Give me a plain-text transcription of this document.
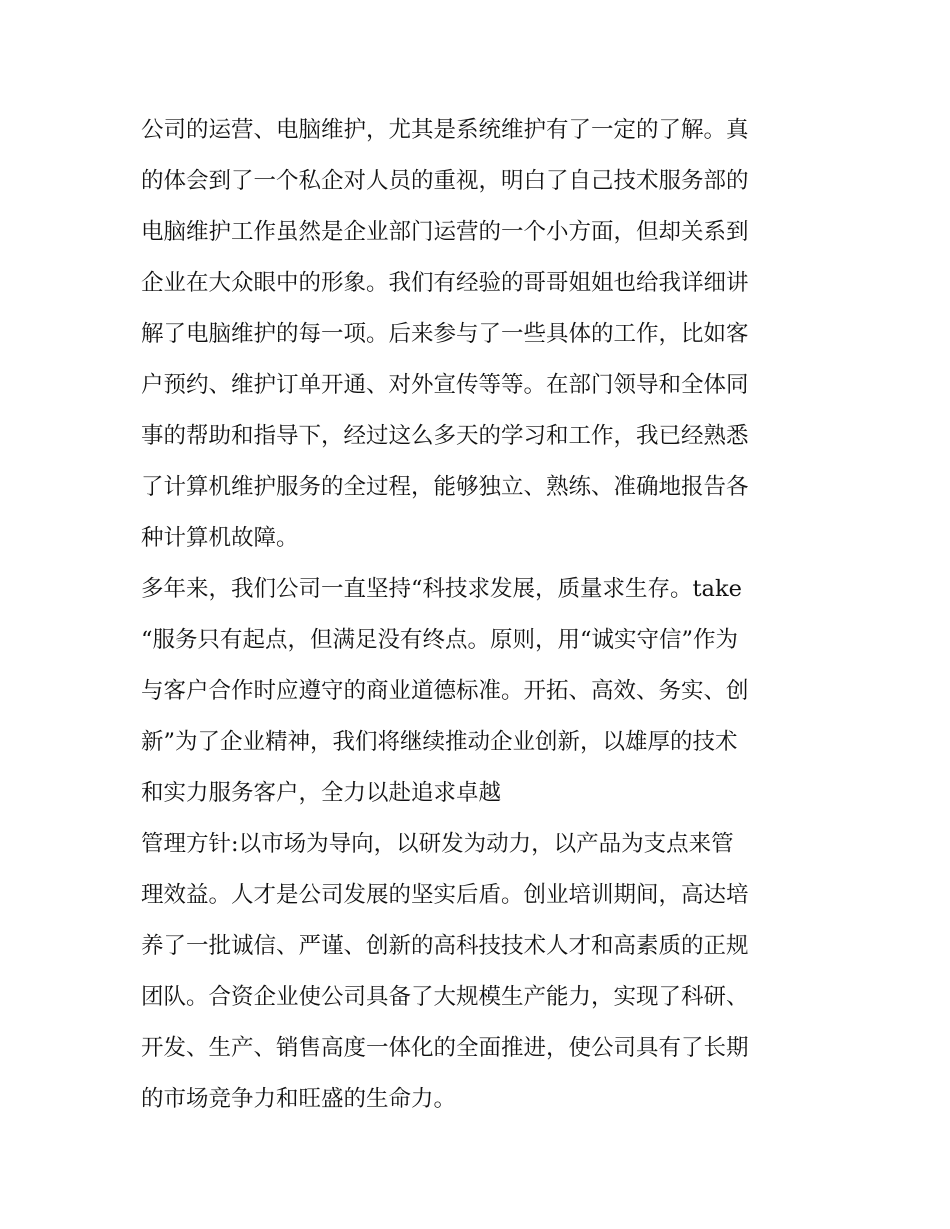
公司的运营、电脑维护，尤其是系统维护有了一定的了解。真
的体会到了一个私企对人员的重视，明白了自己技术服务部的
电脑维护工作虽然是企业部门运营的一个小方面，但却关系到
企业在大众眼中的形象。我们有经验的哥哥姐姐也给我详细讲
解了电脑维护的每一项。后来参与了一些具体的工作，比如客
户预约、维护订单开通、对外宣传等等。在部门领导和全体同
事的帮助和指导下，经过这么多天的学习和工作，我已经熟悉
了计算机维护服务的全过程，能够独立、熟练、准确地报告各
种计算机故障。
多年来，我们公司一直坚持“科技求发展，质量求生存。take
“服务只有起点，但满足没有终点。原则，用“诚实守信”作为
与客户合作时应遵守的商业道德标准。开拓、高效、务实、创
新”为了企业精神，我们将继续推动企业创新，以雄厚的技术
和实力服务客户，全力以赴追求卓越
管理方针:以市场为导向，以研发为动力，以产品为支点来管
理效益。人才是公司发展的坚实后盾。创业培训期间，高达培
养了一批诚信、严谨、创新的高科技技术人才和高素质的正规
团队。合资企业使公司具备了大规模生产能力，实现了科研、
开发、生产、销售高度一体化的全面推进，使公司具有了长期
的市场竞争力和旺盛的生命力。
